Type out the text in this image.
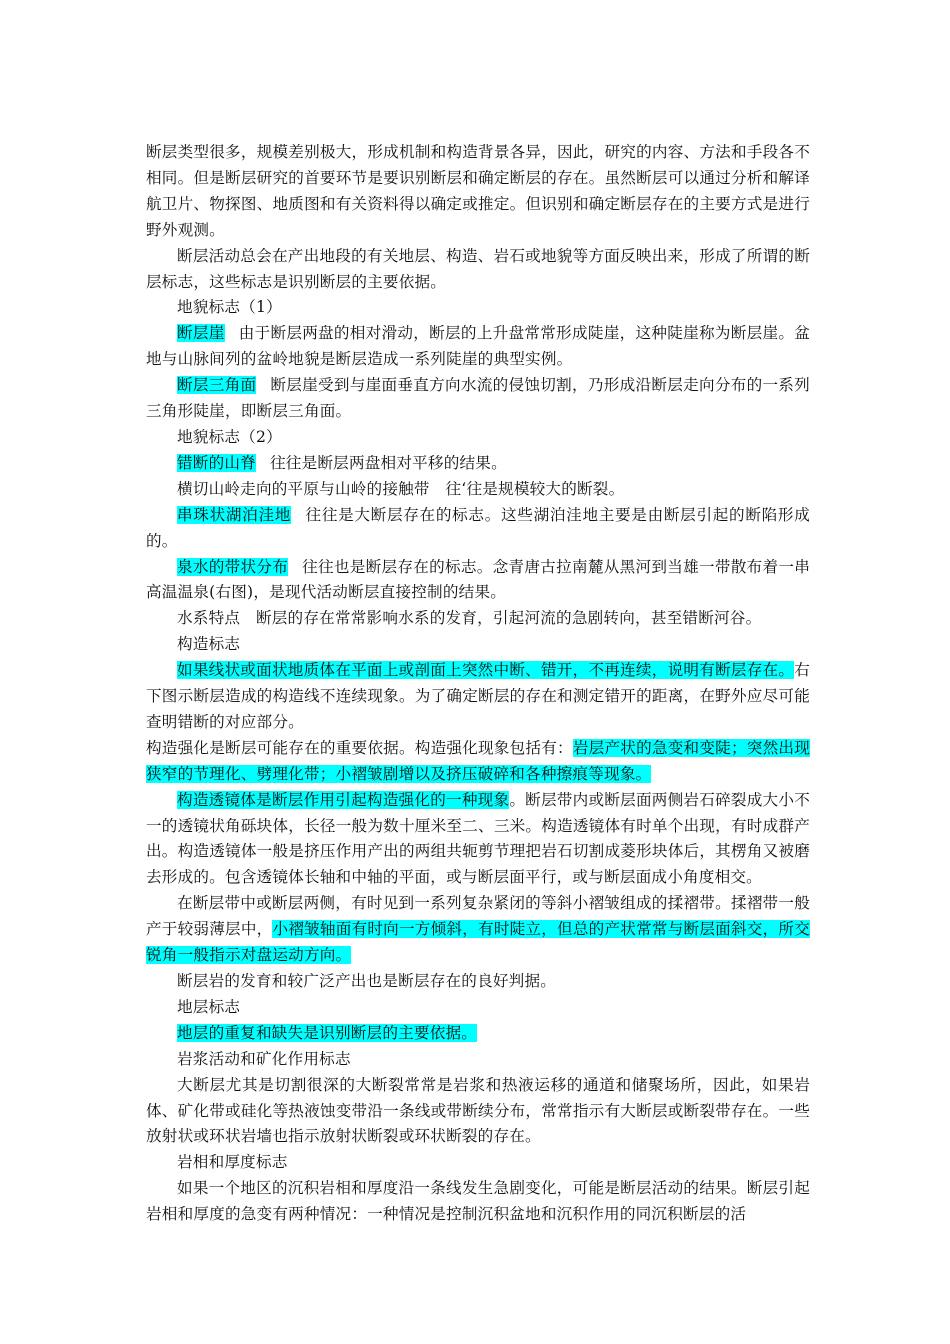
断层类型很多，规模差别极大，形成机制和构造背景各异，因此，研究的内容、方法和手段各不相同。但是断层研究的首要环节是要识别断层和确定断层的存在。虽然断层可以通过分析和解译航卫片、物探图、地质图和有关资料得以确定或推定。但识别和确定断层存在的主要方式是进行野外观测。

断层活动总会在产出地段的有关地层、构造、岩石或地貌等方面反映出来，形成了所谓的断层标志，这些标志是识别断层的主要依据。

地貌标志（1）

断层崖 由于断层两盘的相对滑动，断层的上升盘常常形成陡崖，这种陡崖称为断层崖。盆地与山脉间列的盆岭地貌是断层造成一系列陡崖的典型实例。

断层三角面 断层崖受到与崖面垂直方向水流的侵蚀切割，乃形成沿断层走向分布的一系列三角形陡崖，即断层三角面。

地貌标志（2）

错断的山脊 往往是断层两盘相对平移的结果。

横切山岭走向的平原与山岭的接触带　往‘往是规模较大的断裂。

串珠状湖泊洼地 往往是大断层存在的标志。这些湖泊洼地主要是由断层引起的断陷形成的。

泉水的带状分布 往往也是断层存在的标志。念青唐古拉南麓从黑河到当雄一带散布着一串高温温泉(右图)，是现代活动断层直接控制的结果。

水系特点　断层的存在常常影响水系的发育，引起河流的急剧转向，甚至错断河谷。

构造标志

如果线状或面状地质体在平面上或剖面上突然中断、错开，不再连续，说明有断层存在。右下图示断层造成的构造线不连续现象。为了确定断层的存在和测定错开的距离，在野外应尽可能查明错断的对应部分。

构造强化是断层可能存在的重要依据。构造强化现象包括有：岩层产状的急变和变陡；突然出现狭窄的节理化、劈理化带；小褶皱剧增以及挤压破碎和各种擦痕等现象。

构造透镜体是断层作用引起构造强化的一种现象。断层带内或断层面两侧岩石碎裂成大小不一的透镜状角砾块体，长径一般为数十厘米至二、三米。构造透镜体有时单个出现，有时成群产出。构造透镜体一般是挤压作用产出的两组共轭剪节理把岩石切割成菱形块体后，其楞角又被磨去形成的。包含透镜体长轴和中轴的平面，或与断层面平行，或与断层面成小角度相交。

在断层带中或断层两侧，有时见到一系列复杂紧闭的等斜小褶皱组成的揉褶带。揉褶带一般产于较弱薄层中，小褶皱轴面有时向一方倾斜，有时陡立，但总的产状常常与断层面斜交，所交锐角一般指示对盘运动方向。

断层岩的发育和较广泛产出也是断层存在的良好判据。

地层标志

地层的重复和缺失是识别断层的主要依据。

岩浆活动和矿化作用标志

大断层尤其是切割很深的大断裂常常是岩浆和热液运移的通道和储聚场所，因此，如果岩体、矿化带或硅化等热液蚀变带沿一条线或带断续分布，常常指示有大断层或断裂带存在。一些放射状或环状岩墙也指示放射状断裂或环状断裂的存在。

岩相和厚度标志

如果一个地区的沉积岩相和厚度沿一条线发生急剧变化，可能是断层活动的结果。断层引起岩相和厚度的急变有两种情况：一种情况是控制沉积盆地和沉积作用的同沉积断层的活
